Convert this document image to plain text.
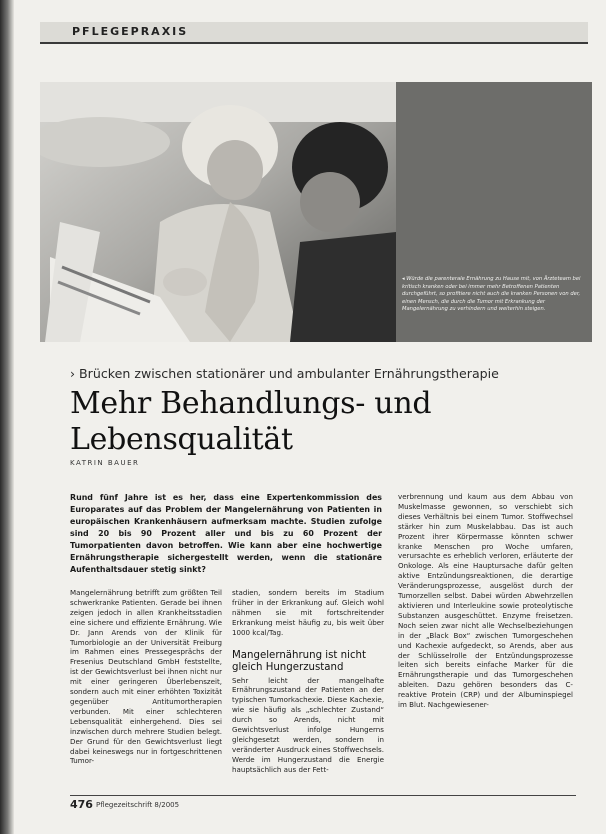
PFLEGEPRAXIS
◂ Würde die parenterale Ernährung zu Hause mit, von Ärzteteam bei kritisch kranken oder bei immer mehr Betroffenen Patienten durchgeführt, so profitiere nicht auch die kranken Personen von der, einen Mensch, die durch die Tumor mit Erkrankung der Mangelernährung zu verhindern und weiterhin steigen.
› Brücken zwischen stationärer und ambulanter Ernährungstherapie
Mehr Behandlungs- und
Lebensqualität
KATRIN BAUER
Rund fünf Jahre ist es her, dass eine Expertenkommission des Europarates auf das Problem der Mangelernährung von Patienten in europäischen Krankenhäusern aufmerksam machte. Studien zufolge sind 20 bis 90 Prozent aller und bis zu 60 Prozent der Tumorpatienten davon betroffen. Wie kann aber eine hochwertige Ernährungstherapie sichergestellt werden, wenn die stationäre Aufenthaltsdauer stetig sinkt?

Mangelernährung betrifft zum größten Teil schwerkranke Patienten. Gerade bei ihnen zeigen jedoch in allen Krankheitsstadien eine sichere und effiziente Ernährung. Wie Dr. Jann Arends von der Klinik für Tumorbiologie an der Universität Freiburg im Rahmen eines Pressegesprächs der Fresenius Deutschland GmbH feststellte, ist der Gewichtsverlust bei ihnen nicht nur mit einer geringeren Überlebenszeit, sondern auch mit einer erhöhten Toxizität gegenüber Antitumortherapien verbunden. Mit einer schlechteren Lebensqualität einhergehend. Dies sei inzwischen durch mehrere Studien belegt. Der Grund für den Gewichtsverlust liegt dabei keineswegs nur in fortgeschrittenen Tumor-

stadien, sondern bereits im Stadium früher in der Erkrankung auf. Gleich wohl nähmen sie mit fortschreitender Erkrankung meist häufig zu, bis weit über 1000 kcal/Tag.

Mangelernährung ist nicht gleich Hungerzustand

Sehr leicht der mangelhafte Ernährungszustand der Patienten an der typischen Tumorkachexie. Diese Kachexie, wie sie häufig als „schlechter Zustand“ durch so Arends, nicht mit Gewichtsverlust infolge Hungerns gleichgesetzt werden, sondern in veränderter Ausdruck eines Stoffwechsels. Werde im Hungerzustand die Energie hauptsächlich aus der Fett-

verbrennung und kaum aus dem Abbau von Muskelmasse gewonnen, so verschiebt sich dieses Verhältnis bei einem Tumor. Stoffwechsel stärker hin zum Muskelabbau. Das ist auch Prozent ihrer Körpermasse könnten schwer kranke Menschen pro Woche umfaren, verursachte es erheblich verloren, erläuterte der Onkologe. Als eine Hauptursache dafür gelten aktive Entzündungsreaktionen, die derartige Veränderungsprozesse, ausgelöst durch der Tumorzellen selbst. Dabei würden Abwehrzellen aktivieren und Interleukine sowie proteolytische Substanzen ausgeschüttet. Enzyme freisetzen. Noch seien zwar nicht alle Wechselbeziehungen in der „Black Box“ zwischen Tumorgeschehen und Kachexie aufgedeckt, so Arends, aber aus der Schlüsselrolle der Entzündungsprozesse leiten sich bereits einfache Marker für die Ernährungstherapie und das Tumorgeschehen ableiten. Dazu gehören besonders das C-reaktive Protein (CRP) und der Albuminspiegel im Blut. Nachgewiesener-

476 Pflegezeitschrift 8/2005
